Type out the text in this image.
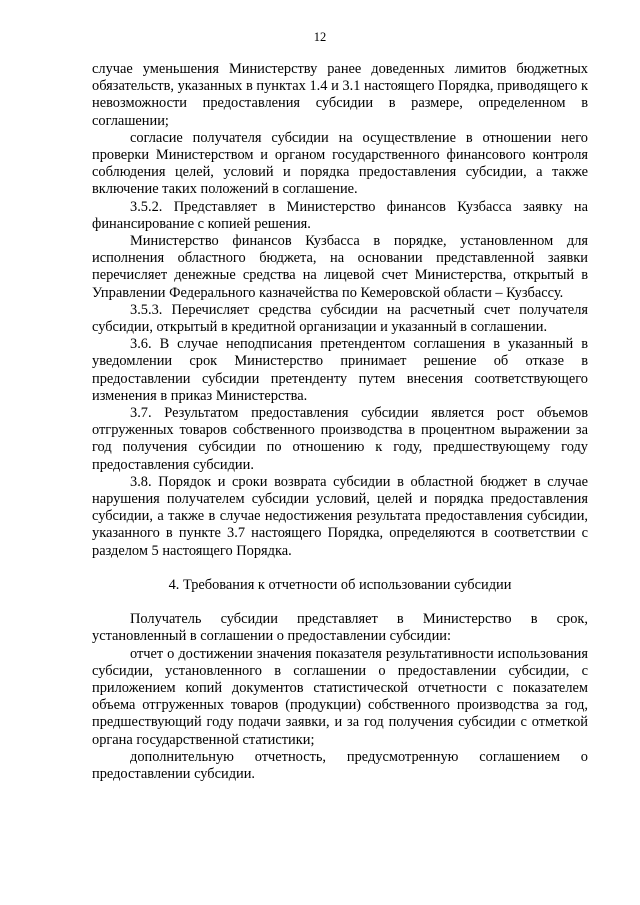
12

случае уменьшения Министерству ранее доведенных лимитов бюджетных обязательств, указанных в пунктах 1.4 и 3.1 настоящего Порядка, приводящего к невозможности предоставления субсидии в размере, определенном в соглашении;

согласие получателя субсидии на осуществление в отношении него проверки Министерством и органом государственного финансового контроля соблюдения целей, условий и порядка предоставления субсидии, а также включение таких положений в соглашение.

3.5.2. Представляет в Министерство финансов Кузбасса заявку на финансирование с копией решения.

Министерство финансов Кузбасса в порядке, установленном для исполнения областного бюджета, на основании представленной заявки перечисляет денежные средства на лицевой счет Министерства, открытый в Управлении Федерального казначейства по Кемеровской области – Кузбассу.

3.5.3. Перечисляет средства субсидии на расчетный счет получателя субсидии, открытый в кредитной организации и указанный в соглашении.

3.6. В случае неподписания претендентом соглашения в указанный в уведомлении срок Министерство принимает решение об отказе в предоставлении субсидии претенденту путем внесения соответствующего изменения в приказ Министерства.

3.7. Результатом предоставления субсидии является рост объемов отгруженных товаров собственного производства в процентном выражении за год получения субсидии по отношению к году, предшествующему году предоставления субсидии.

3.8. Порядок и сроки возврата субсидии в областной бюджет в случае нарушения получателем субсидии условий, целей и порядка предоставления субсидии, а также в случае недостижения результата предоставления субсидии, указанного в пункте 3.7 настоящего Порядка, определяются в соответствии с разделом 5 настоящего Порядка.

4. Требования к отчетности об использовании субсидии

Получатель субсидии представляет в Министерство в срок, установленный в соглашении о предоставлении субсидии:

отчет о достижении значения показателя результативности использования субсидии, установленного в соглашении о предоставлении субсидии, с приложением копий документов статистической отчетности с показателем объема отгруженных товаров (продукции) собственного производства за год, предшествующий году подачи заявки, и за год получения субсидии с отметкой органа государственной статистики;

дополнительную отчетность, предусмотренную соглашением о предоставлении субсидии.
